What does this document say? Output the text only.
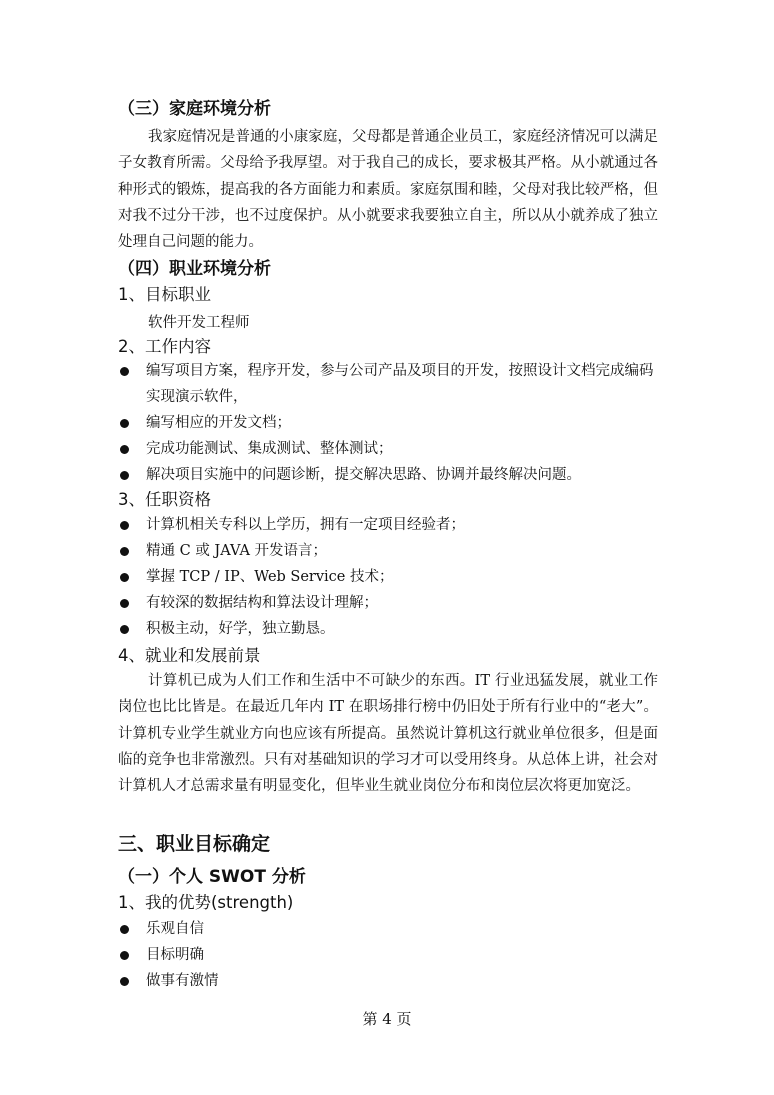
（三）家庭环境分析

我家庭情况是普通的小康家庭，父母都是普通企业员工，家庭经济情况可以满足子女教育所需。父母给予我厚望。对于我自己的成长，要求极其严格。从小就通过各种形式的锻炼，提高我的各方面能力和素质。家庭氛围和睦，父母对我比较严格，但对我不过分干涉，也不过度保护。从小就要求我要独立自主，所以从小就养成了独立处理自己问题的能力。

（四）职业环境分析
1、目标职业
软件开发工程师
2、工作内容
编写项目方案，程序开发，参与公司产品及项目的开发，按照设计文档完成编码实现演示软件，
编写相应的开发文档；
完成功能测试、集成测试、整体测试；
解决项目实施中的问题诊断，提交解决思路、协调并最终解决问题。
3、任职资格
计算机相关专科以上学历，拥有一定项目经验者；
精通 C 或 JAVA 开发语言；
掌握 TCP / IP、Web Service 技术；
有较深的数据结构和算法设计理解；
积极主动，好学，独立勤恳。
4、就业和发展前景

计算机已成为人们工作和生活中不可缺少的东西。IT 行业迅猛发展，就业工作岗位也比比皆是。在最近几年内 IT 在职场排行榜中仍旧处于所有行业中的“老大”。计算机专业学生就业方向也应该有所提高。虽然说计算机这行就业单位很多，但是面临的竞争也非常激烈。只有对基础知识的学习才可以受用终身。从总体上讲，社会对计算机人才总需求量有明显变化，但毕业生就业岗位分布和岗位层次将更加宽泛。

三、职业目标确定
（一）个人 SWOT 分析
1、我的优势(strength)
乐观自信
目标明确
做事有激情
第 4 页
